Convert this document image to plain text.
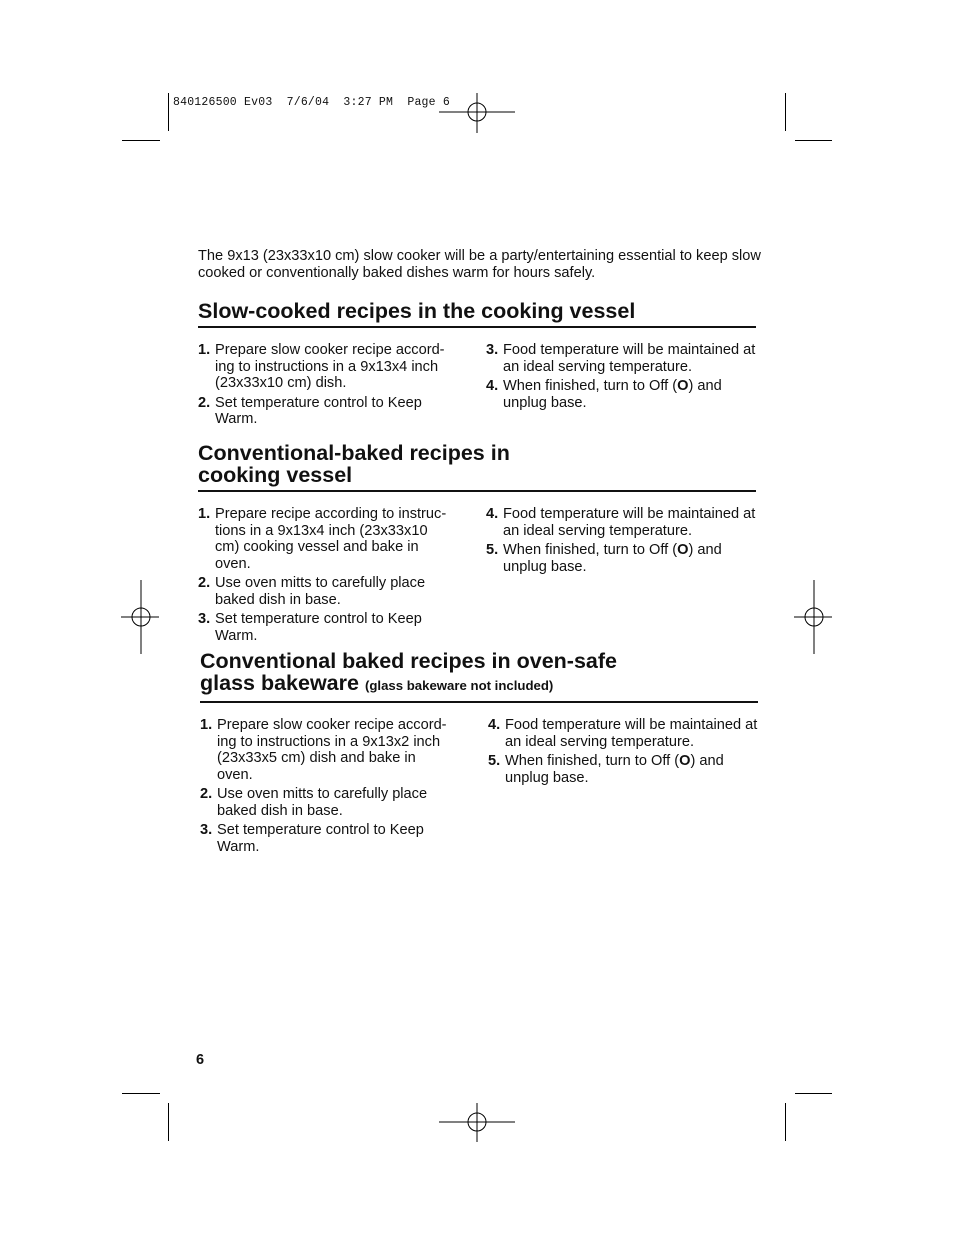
840126500 Ev03  7/6/04  3:27 PM  Page 6
The 9x13 (23x33x10 cm) slow cooker will be a party/entertaining essential to keep slow cooked or conventionally baked dishes warm for hours safely.
Slow-cooked recipes in the cooking vessel
1. Prepare slow cooker recipe accord- ing to instructions in a 9x13x4 inch (23x33x10 cm) dish.
2. Set temperature control to Keep Warm.
3. Food temperature will be maintained at an ideal serving temperature.
4. When finished, turn to Off (O) and unplug base.
Conventional-baked recipes in
cooking vessel
1. Prepare recipe according to instruc- tions in a 9x13x4 inch (23x33x10 cm) cooking vessel and bake in oven.
2. Use oven mitts to carefully place baked dish in base.
3. Set temperature control to Keep Warm.
4. Food temperature will be maintained at an ideal serving temperature.
5. When finished, turn to Off (O) and unplug base.
Conventional baked recipes in oven-safe
glass bakeware (glass bakeware not included)
1. Prepare slow cooker recipe accord- ing to instructions in a 9x13x2 inch (23x33x5 cm) dish and bake in oven.
2. Use oven mitts to carefully place baked dish in base.
3. Set temperature control to Keep Warm.
4. Food temperature will be maintained at an ideal serving temperature.
5. When finished, turn to Off (O) and unplug base.
6
